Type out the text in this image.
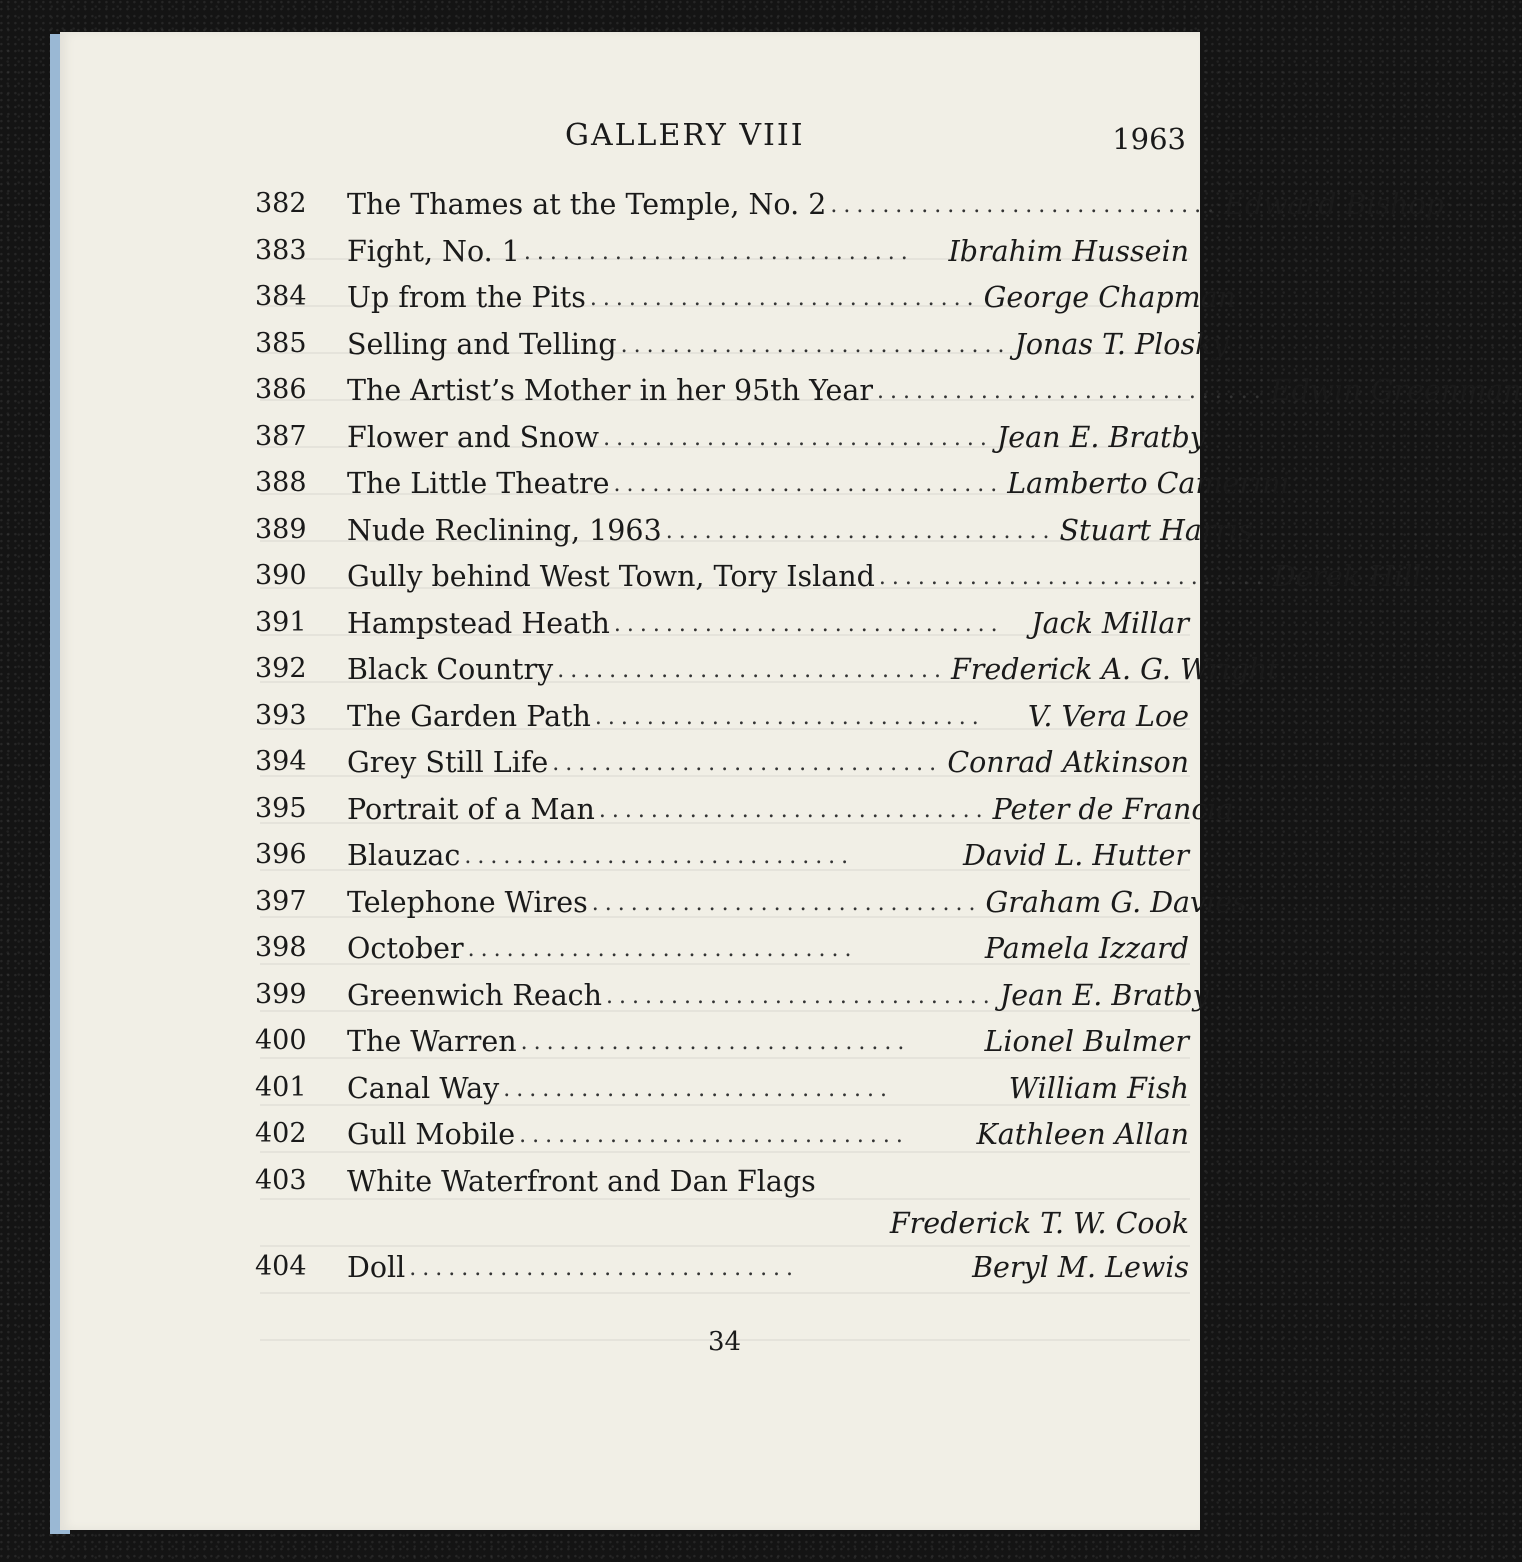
GALLERY VIII	1963
382	The Thames at the Temple, No. 2 .............................. Edward Bishop
383	Fight, No. 1 ..............................	Ibrahim Hussein
384	Up from the Pits .............................. George Chapman
385	Selling and Telling .............................. Jonas T. Plosky
386	The Artist’s Mother in her 95th Year .............................. Edwin Greenman
387	Flower and Snow .............................. Jean E. Bratby
388	The Little Theatre .............................. Lamberto Camerini
389	Nude Reclining, 1963 .............................. Stuart Harris
390	Gully behind West Town, Tory Island .............................. Derek Hill
391	Hampstead Heath .............................. Jack Millar
392	Black Country .............................. Frederick A. G. Wright
393	The Garden Path ..............................	V. Vera Loe
394	Grey Still Life .............................. Conrad Atkinson
395	Portrait of a Man .............................. Peter de Francia
396	Blauzac ..............................	David L. Hutter
397	Telephone Wires .............................. Graham G. Davies
398	October ..............................	Pamela Izzard
399	Greenwich Reach .............................. Jean E. Bratby
400	The Warren ..............................	Lionel Bulmer
401	Canal Way ..............................	William Fish
402	Gull Mobile ..............................	Kathleen Allan
403	White Waterfront and Dan Flags
Frederick T. W. Cook
404	Doll ..............................	Beryl M. Lewis
34
